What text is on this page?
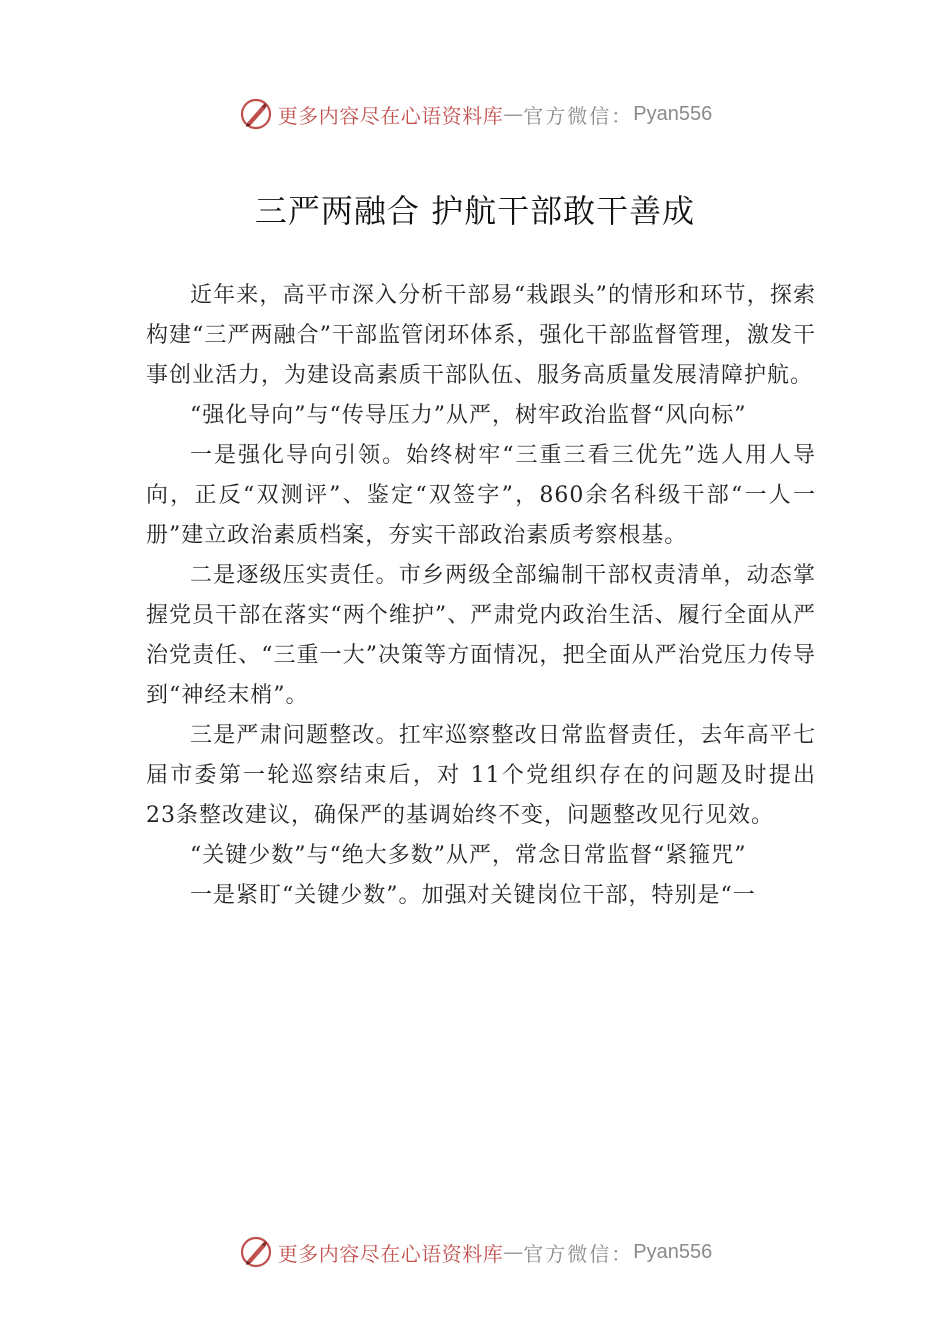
更多内容尽在心语资料库 — 官方微信： Pyan556
三严两融合 护航干部敢干善成

近年来，高平市深入分析干部易“栽跟头”的情形和环节，探索构建“三严两融合”干部监管闭环体系，强化干部监督管理，激发干事创业活力，为建设高素质干部队伍、服务高质量发展清障护航。

“强化导向”与“传导压力”从严，树牢政治监督“风向标”

一是强化导向引领。始终树牢“三重三看三优先”选人用人导向，正反“双测评”、鉴定“双签字”，860余名科级干部“一人一册”建立政治素质档案，夯实干部政治素质考察根基。

二是逐级压实责任。市乡两级全部编制干部权责清单，动态掌握党员干部在落实“两个维护”、严肃党内政治生活、履行全面从严治党责任、“三重一大”决策等方面情况，把全面从严治党压力传导到“神经末梢”。

三是严肃问题整改。扛牢巡察整改日常监督责任，去年高平七届市委第一轮巡察结束后，对 11个党组织存在的问题及时提出 23条整改建议，确保严的基调始终不变，问题整改见行见效。

“关键少数”与“绝大多数”从严，常念日常监督“紧箍咒”

一是紧盯“关键少数”。加强对关键岗位干部，特别是“一

更多内容尽在心语资料库 — 官方微信： Pyan556
